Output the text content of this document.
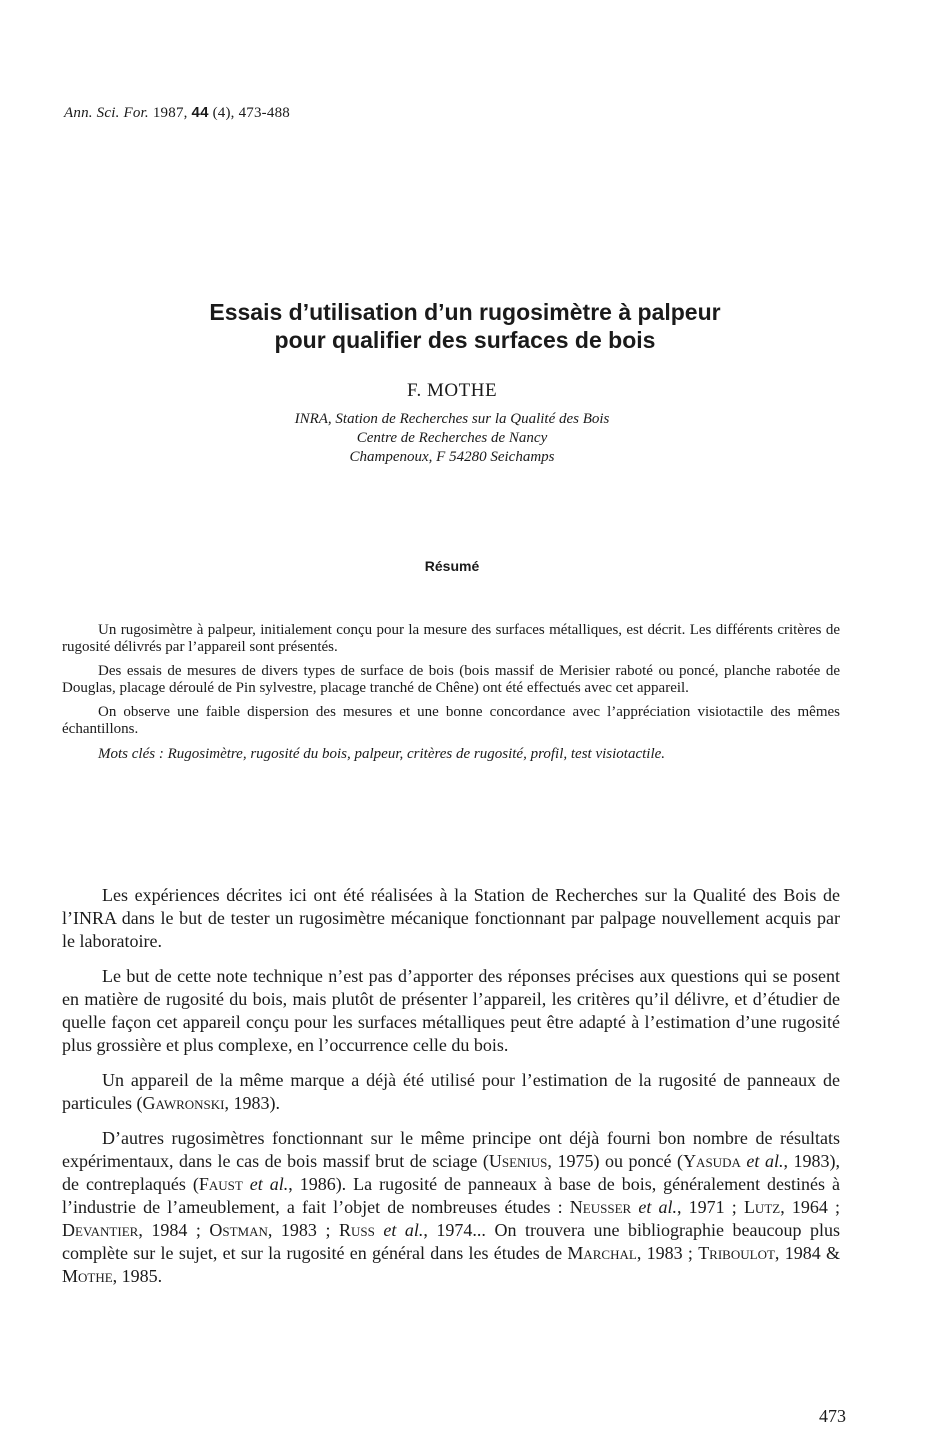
Ann. Sci. For. 1987, 44 (4), 473-488
Essais d’utilisation d’un rugosimètre à palpeur
pour qualifier des surfaces de bois
F. MOTHE
INRA, Station de Recherches sur la Qualité des Bois
Centre de Recherches de Nancy
Champenoux, F 54280 Seichamps
Résumé

Un rugosimètre à palpeur, initialement conçu pour la mesure des surfaces métalliques, est décrit. Les différents critères de rugosité délivrés par l’appareil sont présentés.

Des essais de mesures de divers types de surface de bois (bois massif de Merisier raboté ou poncé, planche rabotée de Douglas, placage déroulé de Pin sylvestre, placage tranché de Chêne) ont été effectués avec cet appareil.

On observe une faible dispersion des mesures et une bonne concordance avec l’appréciation visiotactile des mêmes échantillons.

Mots clés : Rugosimètre, rugosité du bois, palpeur, critères de rugosité, profil, test visiotactile.

Les expériences décrites ici ont été réalisées à la Station de Recherches sur la Qualité des Bois de l’INRA dans le but de tester un rugosimètre mécanique fonctionnant par palpage nouvellement acquis par le laboratoire.

Le but de cette note technique n’est pas d’apporter des réponses précises aux questions qui se posent en matière de rugosité du bois, mais plutôt de présenter l’appareil, les critères qu’il délivre, et d’étudier de quelle façon cet appareil conçu pour les surfaces métalliques peut être adapté à l’estimation d’une rugosité plus grossière et plus complexe, en l’occurrence celle du bois.

Un appareil de la même marque a déjà été utilisé pour l’estimation de la rugosité de panneaux de particules (Gawronski, 1983).

D’autres rugosimètres fonctionnant sur le même principe ont déjà fourni bon nombre de résultats expérimentaux, dans le cas de bois massif brut de sciage (Usenius, 1975) ou poncé (Yasuda et al., 1983), de contreplaqués (Faust et al., 1986). La rugosité de panneaux à base de bois, généralement destinés à l’industrie de l’ameublement, a fait l’objet de nombreuses études : Neusser et al., 1971 ; Lutz, 1964 ; Devantier, 1984 ; Ostman, 1983 ; Russ et al., 1974... On trouvera une bibliographie beaucoup plus complète sur le sujet, et sur la rugosité en général dans les études de Marchal, 1983 ; Triboulot, 1984 & Mothe, 1985.

473
